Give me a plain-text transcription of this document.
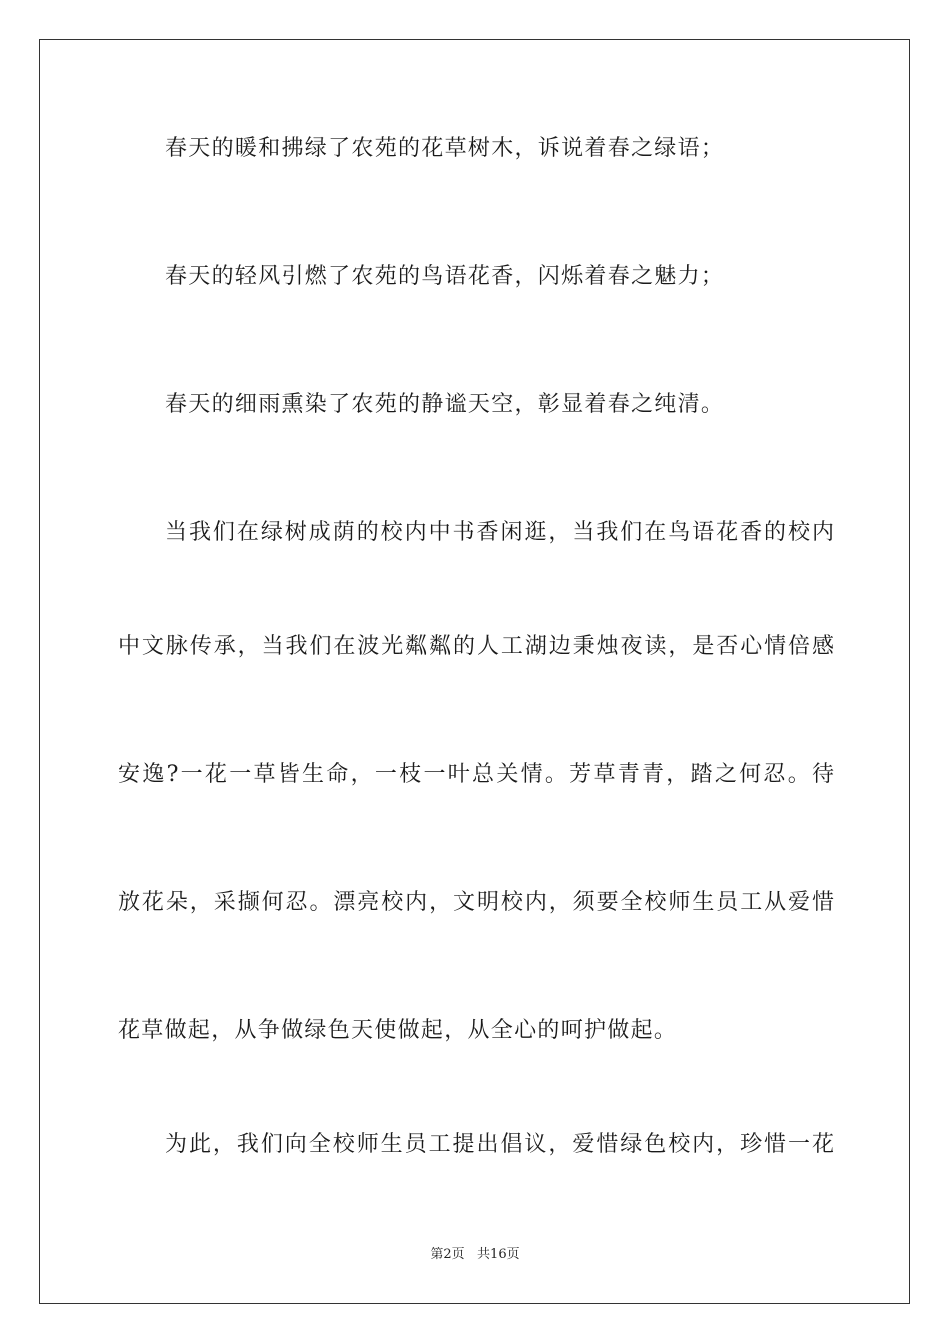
春天的暖和拂绿了农苑的花草树木，诉说着春之绿语；
春天的轻风引燃了农苑的鸟语花香，闪烁着春之魅力；
春天的细雨熏染了农苑的静谧天空，彰显着春之纯清。
当我们在绿树成荫的校内中书香闲逛，当我们在鸟语花香的校内
中文脉传承，当我们在波光粼粼的人工湖边秉烛夜读，是否心情倍感
安逸?一花一草皆生命，一枝一叶总关情。芳草青青，踏之何忍。待
放花朵，采撷何忍。漂亮校内，文明校内，须要全校师生员工从爱惜
花草做起，从争做绿色天使做起，从全心的呵护做起。
为此，我们向全校师生员工提出倡议，爱惜绿色校内，珍惜一花
第2页   共16页
